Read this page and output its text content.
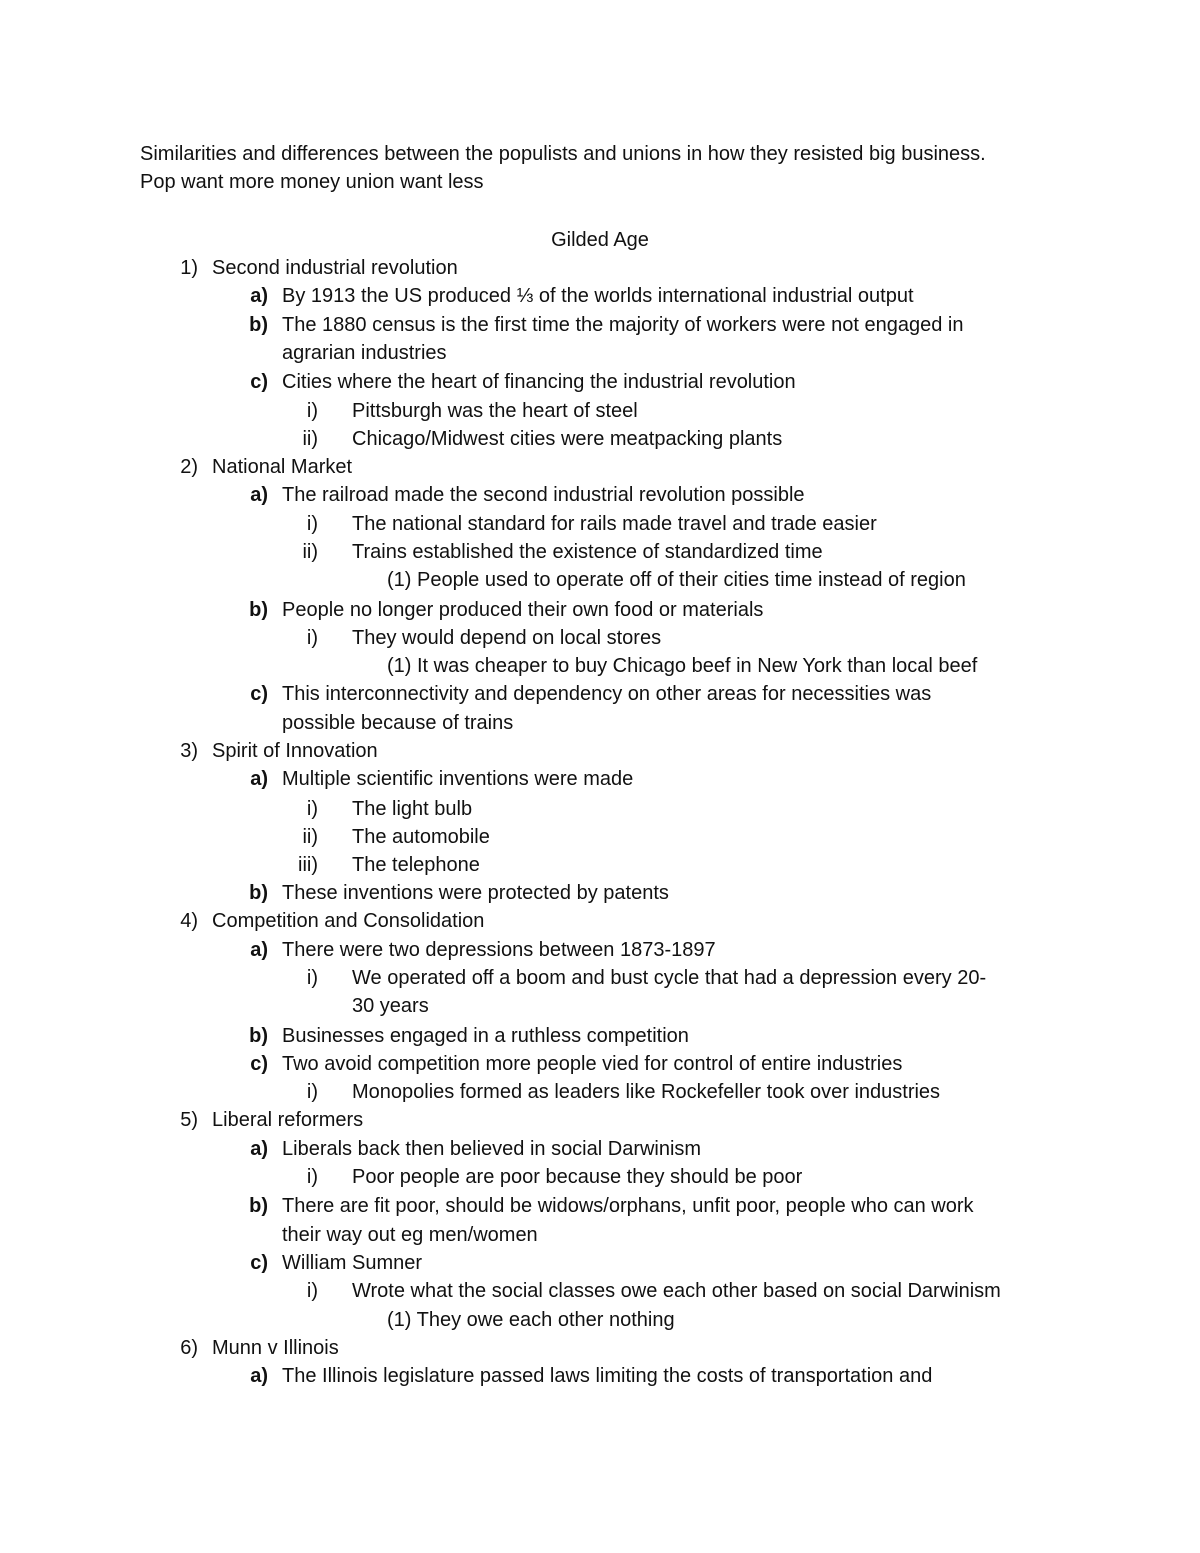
Similarities and differences between the populists and unions in how they resisted big business.
Pop want more money union want less
Gilded Age
1) Second industrial revolution
a) By 1913 the US produced ⅓ of the worlds international industrial output
b) The 1880 census is the first time the majority of workers were not engaged in
agrarian industries
c) Cities where the heart of financing the industrial revolution
i) Pittsburgh was the heart of steel
ii) Chicago/Midwest cities were meatpacking plants
2) National Market
a) The railroad made the second industrial revolution possible
i) The national standard for rails made travel and trade easier
ii) Trains established the existence of standardized time
(1) People used to operate off of their cities time instead of region
b) People no longer produced their own food or materials
i) They would depend on local stores
(1) It was cheaper to buy Chicago beef in New York than local beef
c) This interconnectivity and dependency on other areas for necessities was
possible because of trains
3) Spirit of Innovation
a) Multiple scientific inventions were made
i) The light bulb
ii) The automobile
iii) The telephone
b) These inventions were protected by patents
4) Competition and Consolidation
a) There were two depressions between 1873-1897
i) We operated off a boom and bust cycle that had a depression every 20-
30 years
b) Businesses engaged in a ruthless competition
c) Two avoid competition more people vied for control of entire industries
i) Monopolies formed as leaders like Rockefeller took over industries
5) Liberal reformers
a) Liberals back then believed in social Darwinism
i) Poor people are poor because they should be poor
b) There are fit poor, should be widows/orphans, unfit poor, people who can work
their way out eg men/women
c) William Sumner
i) Wrote what the social classes owe each other based on social Darwinism
(1) They owe each other nothing
6) Munn v Illinois
a) The Illinois legislature passed laws limiting the costs of transportation and
